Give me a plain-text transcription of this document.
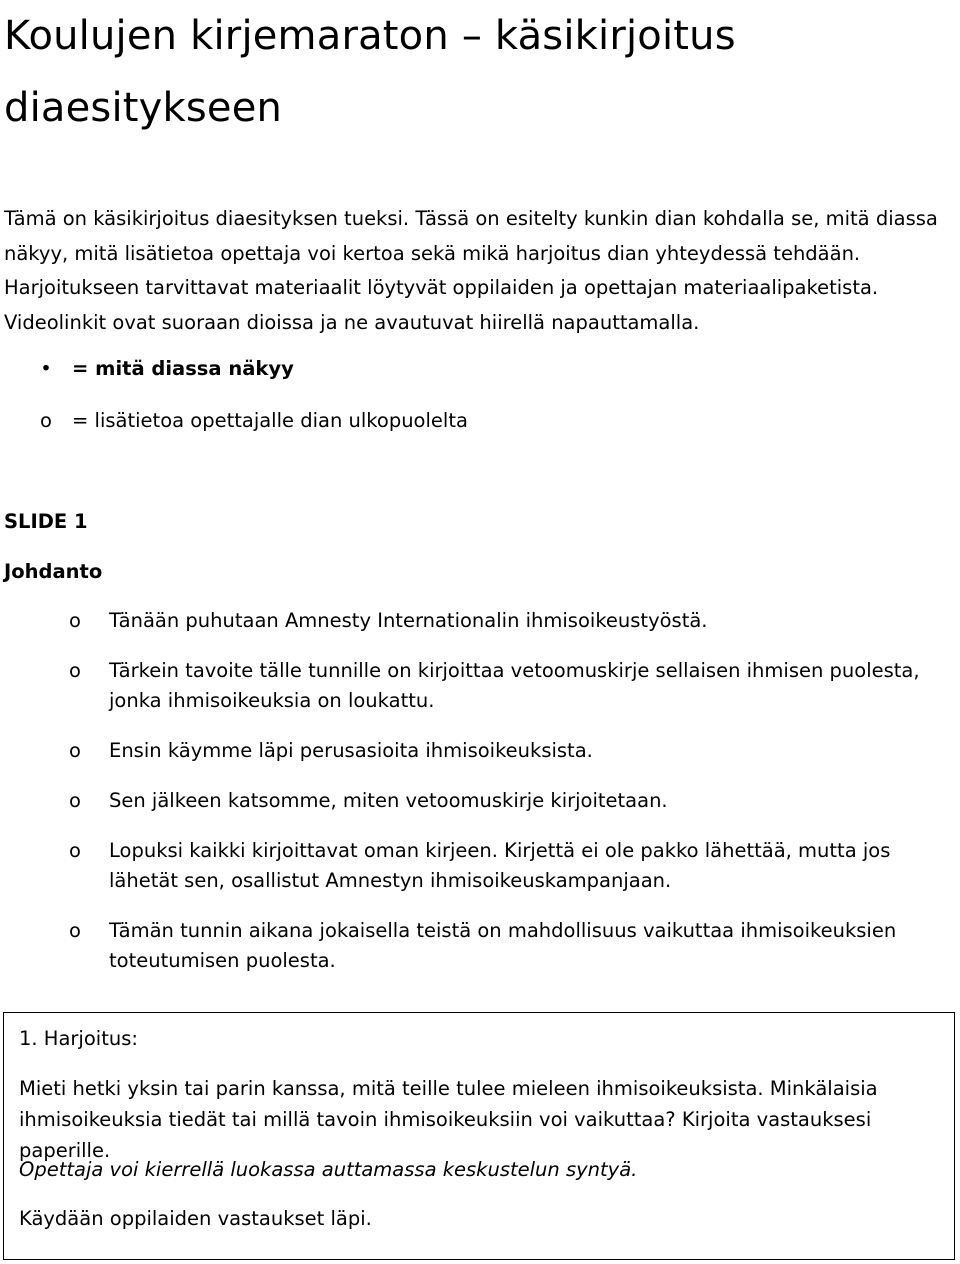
Koulujen kirjemaraton – käsikirjoitus diaesitykseen

Tämä on käsikirjoitus diaesityksen tueksi. Tässä on esitelty kunkin dian kohdalla se, mitä diassa näkyy, mitä lisätietoa opettaja voi kertoa sekä mikä harjoitus dian yhteydessä tehdään. Harjoitukseen tarvittavat materiaalit löytyvät oppilaiden ja opettajan materiaalipaketista. Videolinkit ovat suoraan dioissa ja ne avautuvat hiirellä napauttamalla.

• = mitä diassa näkyy
o = lisätietoa opettajalle dian ulkopuolelta

SLIDE 1

Johdanto

o Tänään puhutaan Amnesty Internationalin ihmisoikeustyöstä.
o Tärkein tavoite tälle tunnille on kirjoittaa vetoomuskirje sellaisen ihmisen puolesta, jonka ihmisoikeuksia on loukattu.
o Ensin käymme läpi perusasioita ihmisoikeuksista.
o Sen jälkeen katsomme, miten vetoomuskirje kirjoitetaan.
o Lopuksi kaikki kirjoittavat oman kirjeen. Kirjettä ei ole pakko lähettää, mutta jos lähetät sen, osallistut Amnestyn ihmisoikeuskampanjaan.
o Tämän tunnin aikana jokaisella teistä on mahdollisuus vaikuttaa ihmisoikeuksien toteutumisen puolesta.

1. Harjoitus:

Mieti hetki yksin tai parin kanssa, mitä teille tulee mieleen ihmisoikeuksista. Minkälaisia ihmisoikeuksia tiedät tai millä tavoin ihmisoikeuksiin voi vaikuttaa? Kirjoita vastauksesi paperille.

Opettaja voi kierrellä luokassa auttamassa keskustelun syntyä.

Käydään oppilaiden vastaukset läpi.
